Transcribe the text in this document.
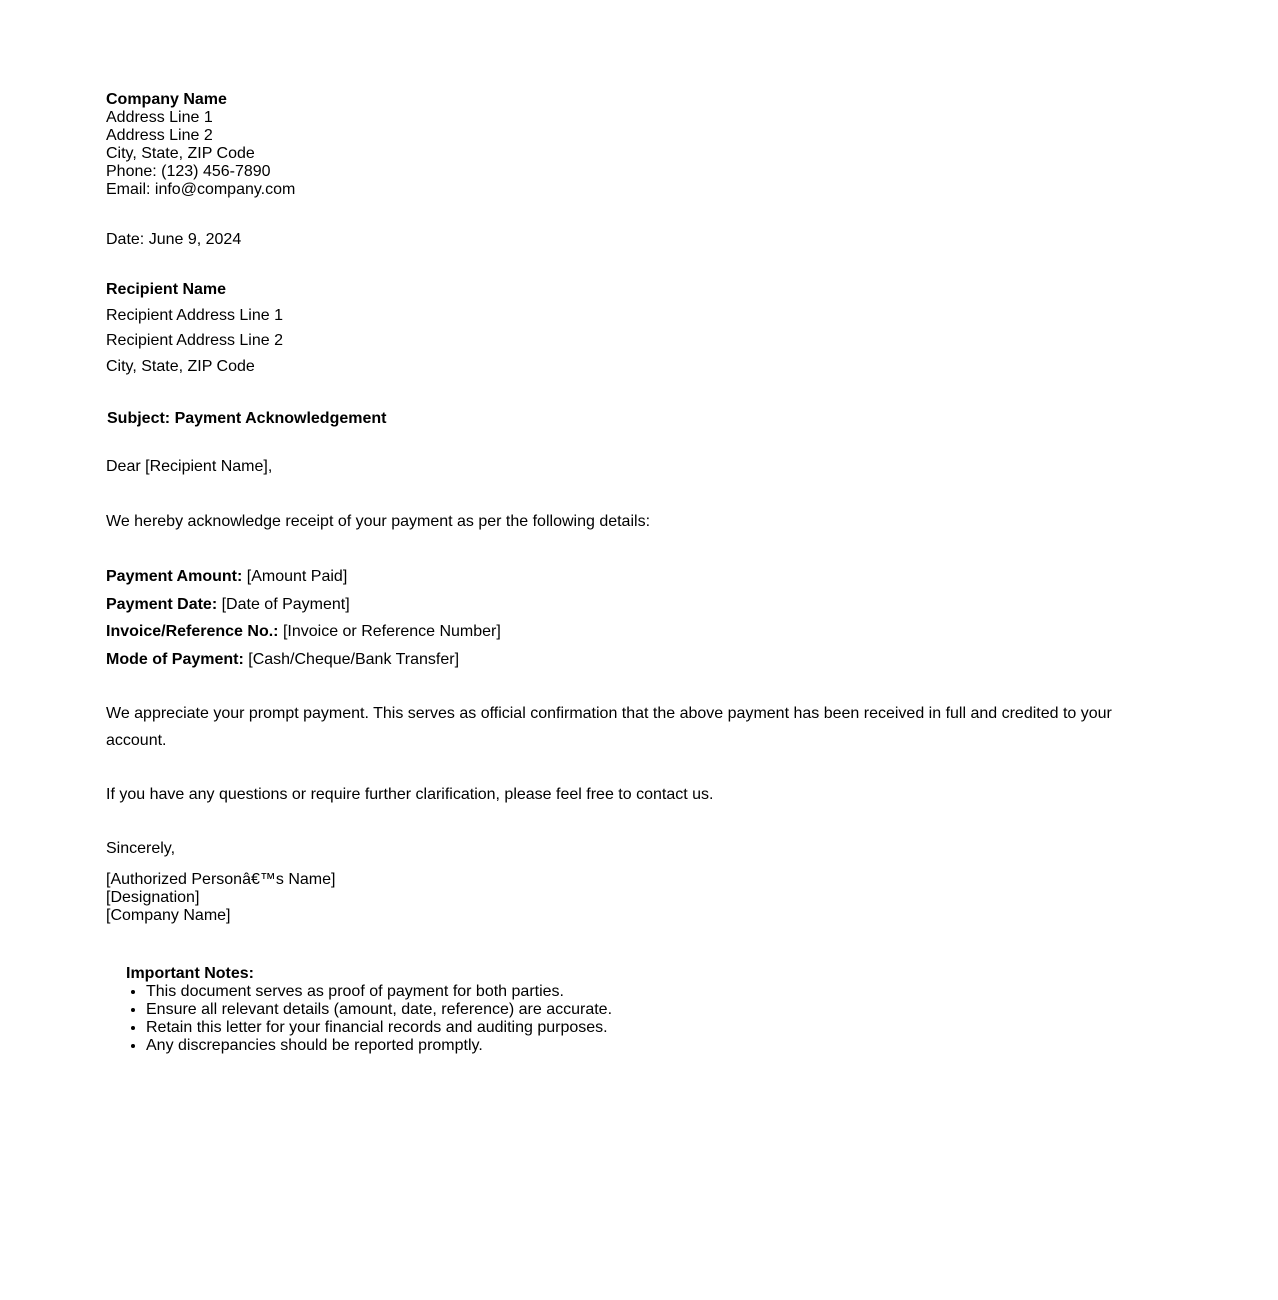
Company Name
Address Line 1
Address Line 2
City, State, ZIP Code
Phone: (123) 456-7890
Email: info@company.com
Date: June 9, 2024
Recipient Name
Recipient Address Line 1
Recipient Address Line 2
City, State, ZIP Code
Subject: Payment Acknowledgement
Dear [Recipient Name],
We hereby acknowledge receipt of your payment as per the following details:
Payment Amount: [Amount Paid]
Payment Date: [Date of Payment]
Invoice/Reference No.: [Invoice or Reference Number]
Mode of Payment: [Cash/Cheque/Bank Transfer]
We appreciate your prompt payment. This serves as official confirmation that the above payment has been received in full and credited to your account.
If you have any questions or require further clarification, please feel free to contact us.
Sincerely,
[Authorized Personâ€™s Name]
[Designation]
[Company Name]
Important Notes:
• This document serves as proof of payment for both parties.
• Ensure all relevant details (amount, date, reference) are accurate.
• Retain this letter for your financial records and auditing purposes.
• Any discrepancies should be reported promptly.
